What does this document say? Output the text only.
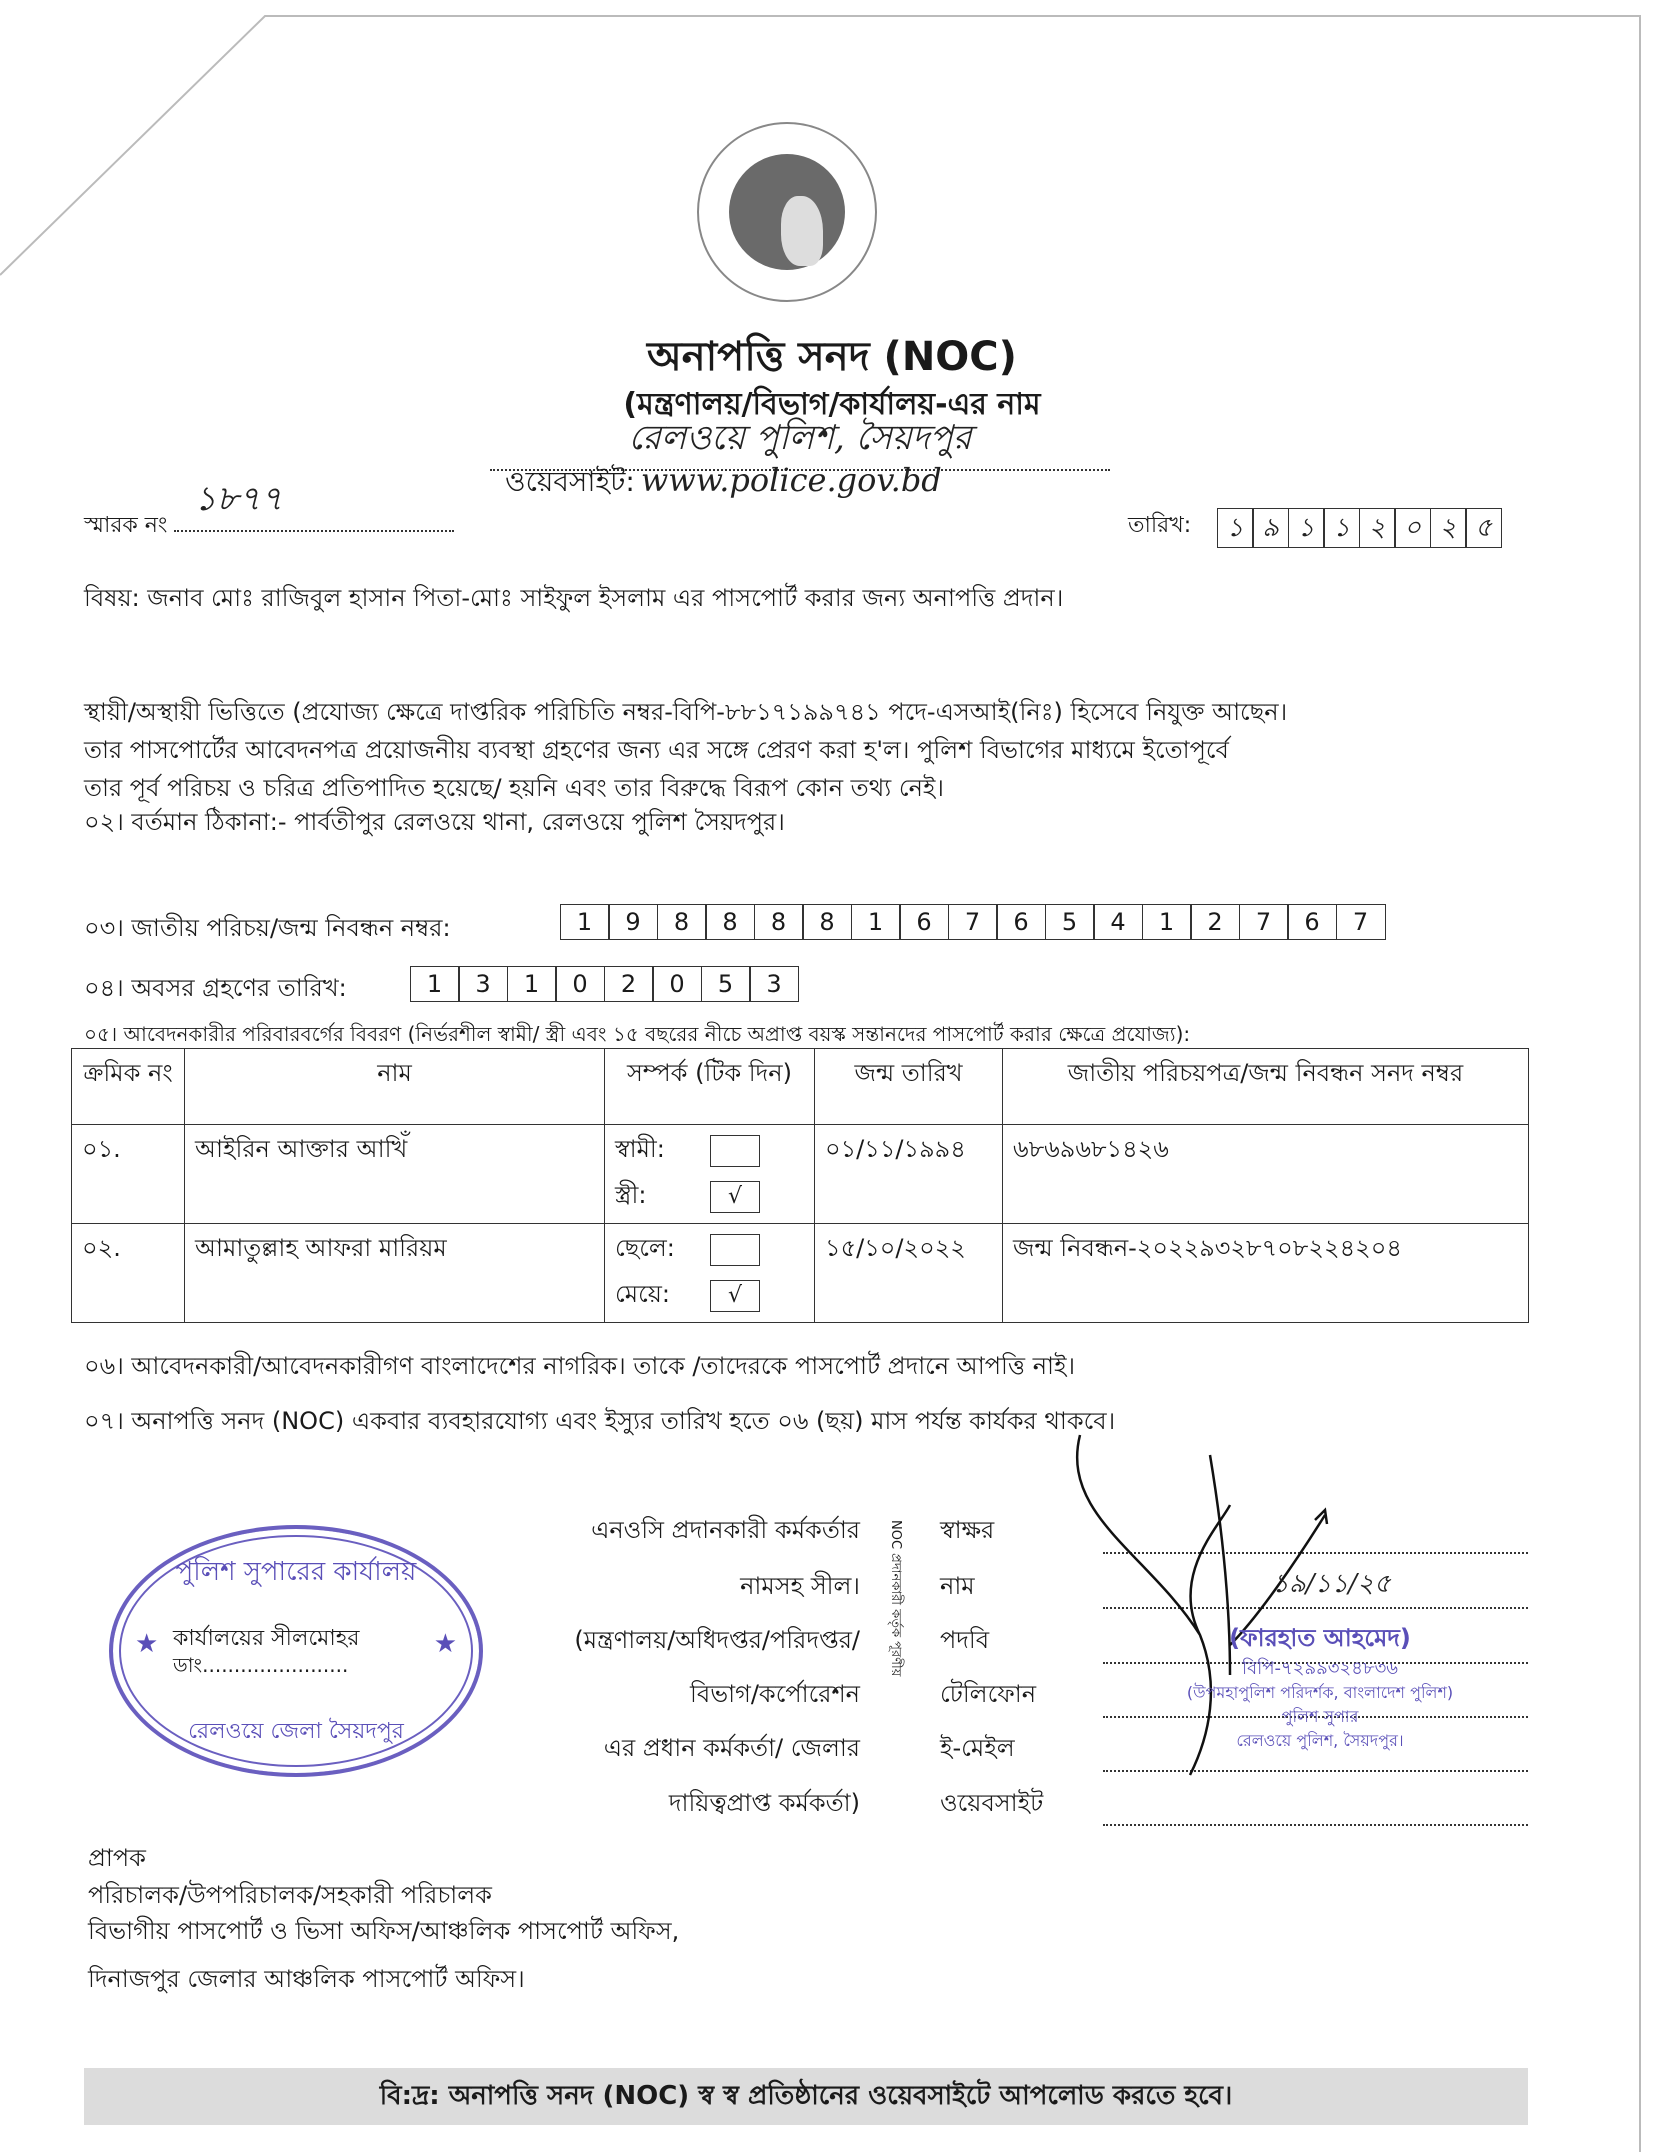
অনাপত্তি সনদ (NOC)
(মন্ত্রণালয়/বিভাগ/কার্যালয়-এর নাম
রেলওয়ে পুলিশ, সৈয়দপুর
ওয়েবসাইট: www.police.gov.bd
স্মারক নং
১৮৭৭
তারিখ:	১ ৯ ১ ১ ২ ০ ২ ৫
বিষয়: জনাব মোঃ রাজিবুল হাসান পিতা-মোঃ সাইফুল ইসলাম এর পাসপোর্ট করার জন্য অনাপত্তি প্রদান।
স্থায়ী/অস্থায়ী ভিত্তিতে (প্রযোজ্য ক্ষেত্রে দাপ্তরিক পরিচিতি নম্বর-বিপি-৮৮১৭১৯৯৭৪১ পদে-এসআই(নিঃ) হিসেবে নিযুক্ত আছেন।
তার পাসপোর্টের আবেদনপত্র প্রয়োজনীয় ব্যবস্থা গ্রহণের জন্য এর সঙ্গে প্রেরণ করা হ'ল। পুলিশ বিভাগের মাধ্যমে ইতোপূর্বে
তার পূর্ব পরিচয় ও চরিত্র প্রতিপাদিত হয়েছে/ হয়নি এবং তার বিরুদ্ধে বিরূপ কোন তথ্য নেই।
০২। বর্তমান ঠিকানা:- পার্বতীপুর রেলওয়ে থানা, রেলওয়ে পুলিশ সৈয়দপুর।
০৩। জাতীয় পরিচয়/জন্ম নিবন্ধন নম্বর:	1	9	8	8	8	8	1	6	7	6	5	4	1	2	7	6	7
০৪। অবসর গ্রহণের তারিখ:	1	3	1	0	2	0	5	3
০৫। আবেদনকারীর পরিবারবর্গের বিবরণ (নির্ভরশীল স্বামী/ স্ত্রী এবং ১৫ বছরের নীচে অপ্রাপ্ত বয়স্ক সন্তানদের পাসপোর্ট করার ক্ষেত্রে প্রযোজ্য):
ক্রমিক নং	নাম	সম্পর্ক (টিক দিন)	জন্ম তারিখ	জাতীয় পরিচয়পত্র/জন্ম নিবন্ধন সনদ নম্বর
০১.	আইরিন আক্তার আখিঁ	স্বামী:
স্ত্রী: √	০১/১১/১৯৯৪	৬৮৬৯৬৮১৪২৬
০২.	আমাতুল্লাহ আফরা মারিয়ম	ছেলে:
মেয়ে: √	১৫/১০/২০২২	জন্ম নিবন্ধন-২০২২৯৩২৮৭০৮২২৪২০৪
০৬। আবেদনকারী/আবেদনকারীগণ বাংলাদেশের নাগরিক। তাকে /তাদেরকে পাসপোর্ট প্রদানে আপত্তি নাই।
০৭। অনাপত্তি সনদ (NOC) একবার ব্যবহারযোগ্য এবং ইস্যুর তারিখ হতে ০৬ (ছয়) মাস পর্যন্ত কার্যকর থাকবে।
পুলিশ সুপারের কার্যালয়
★	★
কার্যালয়ের সীলমোহর
ডাং.......................
রেলওয়ে জেলা সৈয়দপুর
এনওসি প্রদানকারী কর্মকর্তার
নামসহ সীল।
(মন্ত্রণালয়/অধিদপ্তর/পরিদপ্তর/
বিভাগ/কর্পোরেশন
এর প্রধান কর্মকর্তা/ জেলার
দায়িত্বপ্রাপ্ত কর্মকর্তা)
NOC প্রদানকারী কর্তৃক পূরণীয় স্বাক্ষর
নাম
পদবি
টেলিফোন
ই-মেইল
ওয়েবসাইট
১৯/১১/২৫
(ফারহাত আহমেদ)
বিপি-৭২৯৯৩২৪৮৩৬
(উপমহাপুলিশ পরিদর্শক, বাংলাদেশ পুলিশ)
পুলিশ সুপার
রেলওয়ে পুলিশ, সৈয়দপুর।
প্রাপক
পরিচালক/উপপরিচালক/সহকারী পরিচালক
বিভাগীয় পাসপোর্ট ও ভিসা অফিস/আঞ্চলিক পাসপোর্ট অফিস,
দিনাজপুর জেলার আঞ্চলিক পাসপোর্ট অফিস।
বি:দ্র: অনাপত্তি সনদ (NOC) স্ব স্ব প্রতিষ্ঠানের ওয়েবসাইটে আপলোড করতে হবে।
